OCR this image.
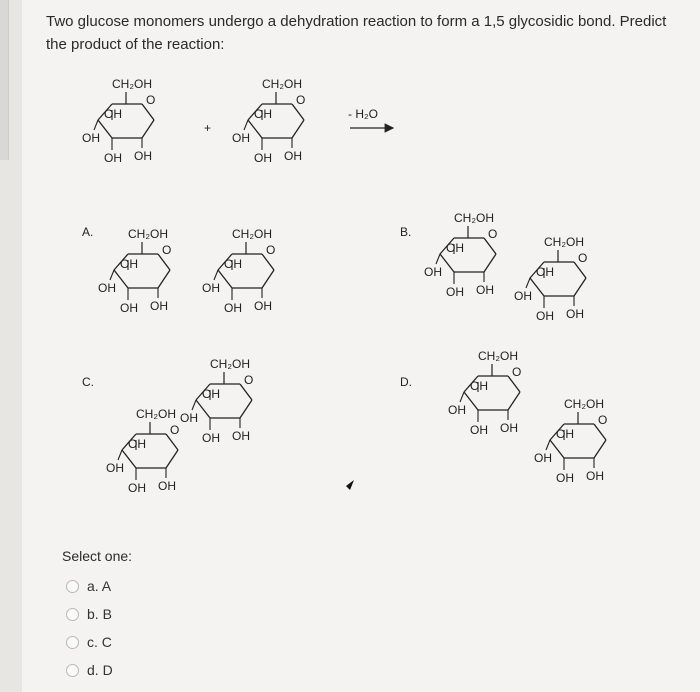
Two glucose monomers undergo a dehydration reaction to form a 1,5 glycosidic bond. Predict
the product of the reaction:
CH₂OH
O
OH
OH
OH
OH
CH₂OH
O
OH
OH
OH
OH
CH₂OH
O
OH
OH
OH
OH
CH₂OH
O
OH
OH
OH
OH
CH₂OH
O
OH
OH
OH
OH
CH₂OH
O
OH
OH
OH
OH
CH₂OH
O
OH
OH
OH
OH
CH₂OH
O
OH
OH
OH
OH
CH₂OH
O
OH
OH
OH
OH
CH₂OH
O
OH
OH
OH
OH
+
- H₂O
A.	B.
C.	D.
Select one:
a. A
b. B
c. C
d. D
